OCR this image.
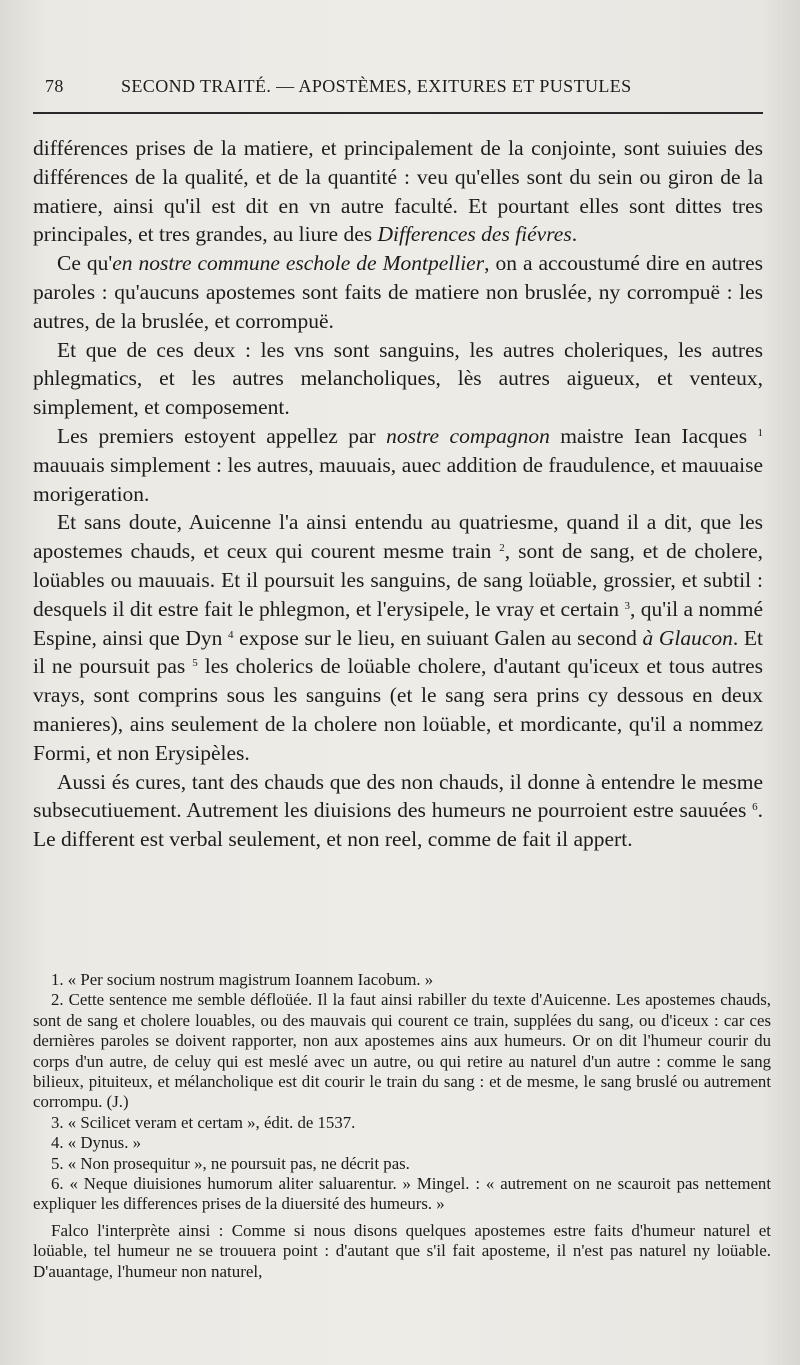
78	SECOND TRAITÉ. — APOSTÈMES, EXITURES ET PUSTULES

différences prises de la matiere, et principalement de la conjointe, sont suiuies des différences de la qualité, et de la quantité : veu qu'elles sont du sein ou giron de la matiere, ainsi qu'il est dit en vn autre faculté. Et pourtant elles sont dittes tres principales, et tres grandes, au liure des Differences des fiévres.

Ce qu'en nostre commune eschole de Montpellier, on a accoustumé dire en autres paroles : qu'aucuns apostemes sont faits de matiere non bruslée, ny corrompuë : les autres, de la bruslée, et corrompuë.

Et que de ces deux : les vns sont sanguins, les autres choleriques, les autres phlegmatics, et les autres melancholiques, lès autres aigueux, et venteux, simplement, et composement.

Les premiers estoyent appellez par nostre compagnon maistre Iean Iacques $^1$ mauuais simplement : les autres, mauuais, auec addition de fraudulence, et mauuaise morigeration.

Et sans doute, Auicenne l'a ainsi entendu au quatriesme, quand il a dit, que les apostemes chauds, et ceux qui courent mesme train $^2$, sont de sang, et de cholere, loüables ou mauuais. Et il poursuit les sanguins, de sang loüable, grossier, et subtil : desquels il dit estre fait le phlegmon, et l'erysipele, le vray et certain $^3$, qu'il a nommé Espine, ainsi que Dyn $^4$ expose sur le lieu, en suiuant Galen au second à Glaucon. Et il ne poursuit pas $^5$ les cholerics de loüable cholere, d'autant qu'iceux et tous autres vrays, sont comprins sous les sanguins (et le sang sera prins cy dessous en deux manieres), ains seulement de la cholere non loüable, et mordicante, qu'il a nommez Formi, et non Erysipèles.

Aussi és cures, tant des chauds que des non chauds, il donne à entendre le mesme subsecutiuement. Autrement les diuisions des humeurs ne pourroient estre sauuées $^6$. Le different est verbal seulement, et non reel, comme de fait il appert.

1. « Per socium nostrum magistrum Ioannem Iacobum. »

2. Cette sentence me semble défloüée. Il la faut ainsi rabiller du texte d'Auicenne. Les apostemes chauds, sont de sang et cholere louables, ou des mauvais qui courent ce train, supplées du sang, ou d'iceux : car ces dernières paroles se doivent rapporter, non aux apostemes ains aux humeurs. Or on dit l'humeur courir du corps d'un autre, de celuy qui est meslé avec un autre, ou qui retire au naturel d'un autre : comme le sang bilieux, pituiteux, et mélancholique est dit courir le train du sang : et de mesme, le sang bruslé ou autrement corrompu. (J.)

3. « Scilicet veram et certam », édit. de 1537.

4. « Dynus. »

5. « Non prosequitur », ne poursuit pas, ne décrit pas.

6. « Neque diuisiones humorum aliter saluarentur. » Mingel. : « autrement on ne scauroit pas nettement expliquer les differences prises de la diuersité des humeurs. »

Falco l'interprète ainsi : Comme si nous disons quelques apostemes estre faits d'humeur naturel et loüable, tel humeur ne se trouuera point : d'autant que s'il fait aposteme, il n'est pas naturel ny loüable. D'auantage, l'humeur non naturel,
